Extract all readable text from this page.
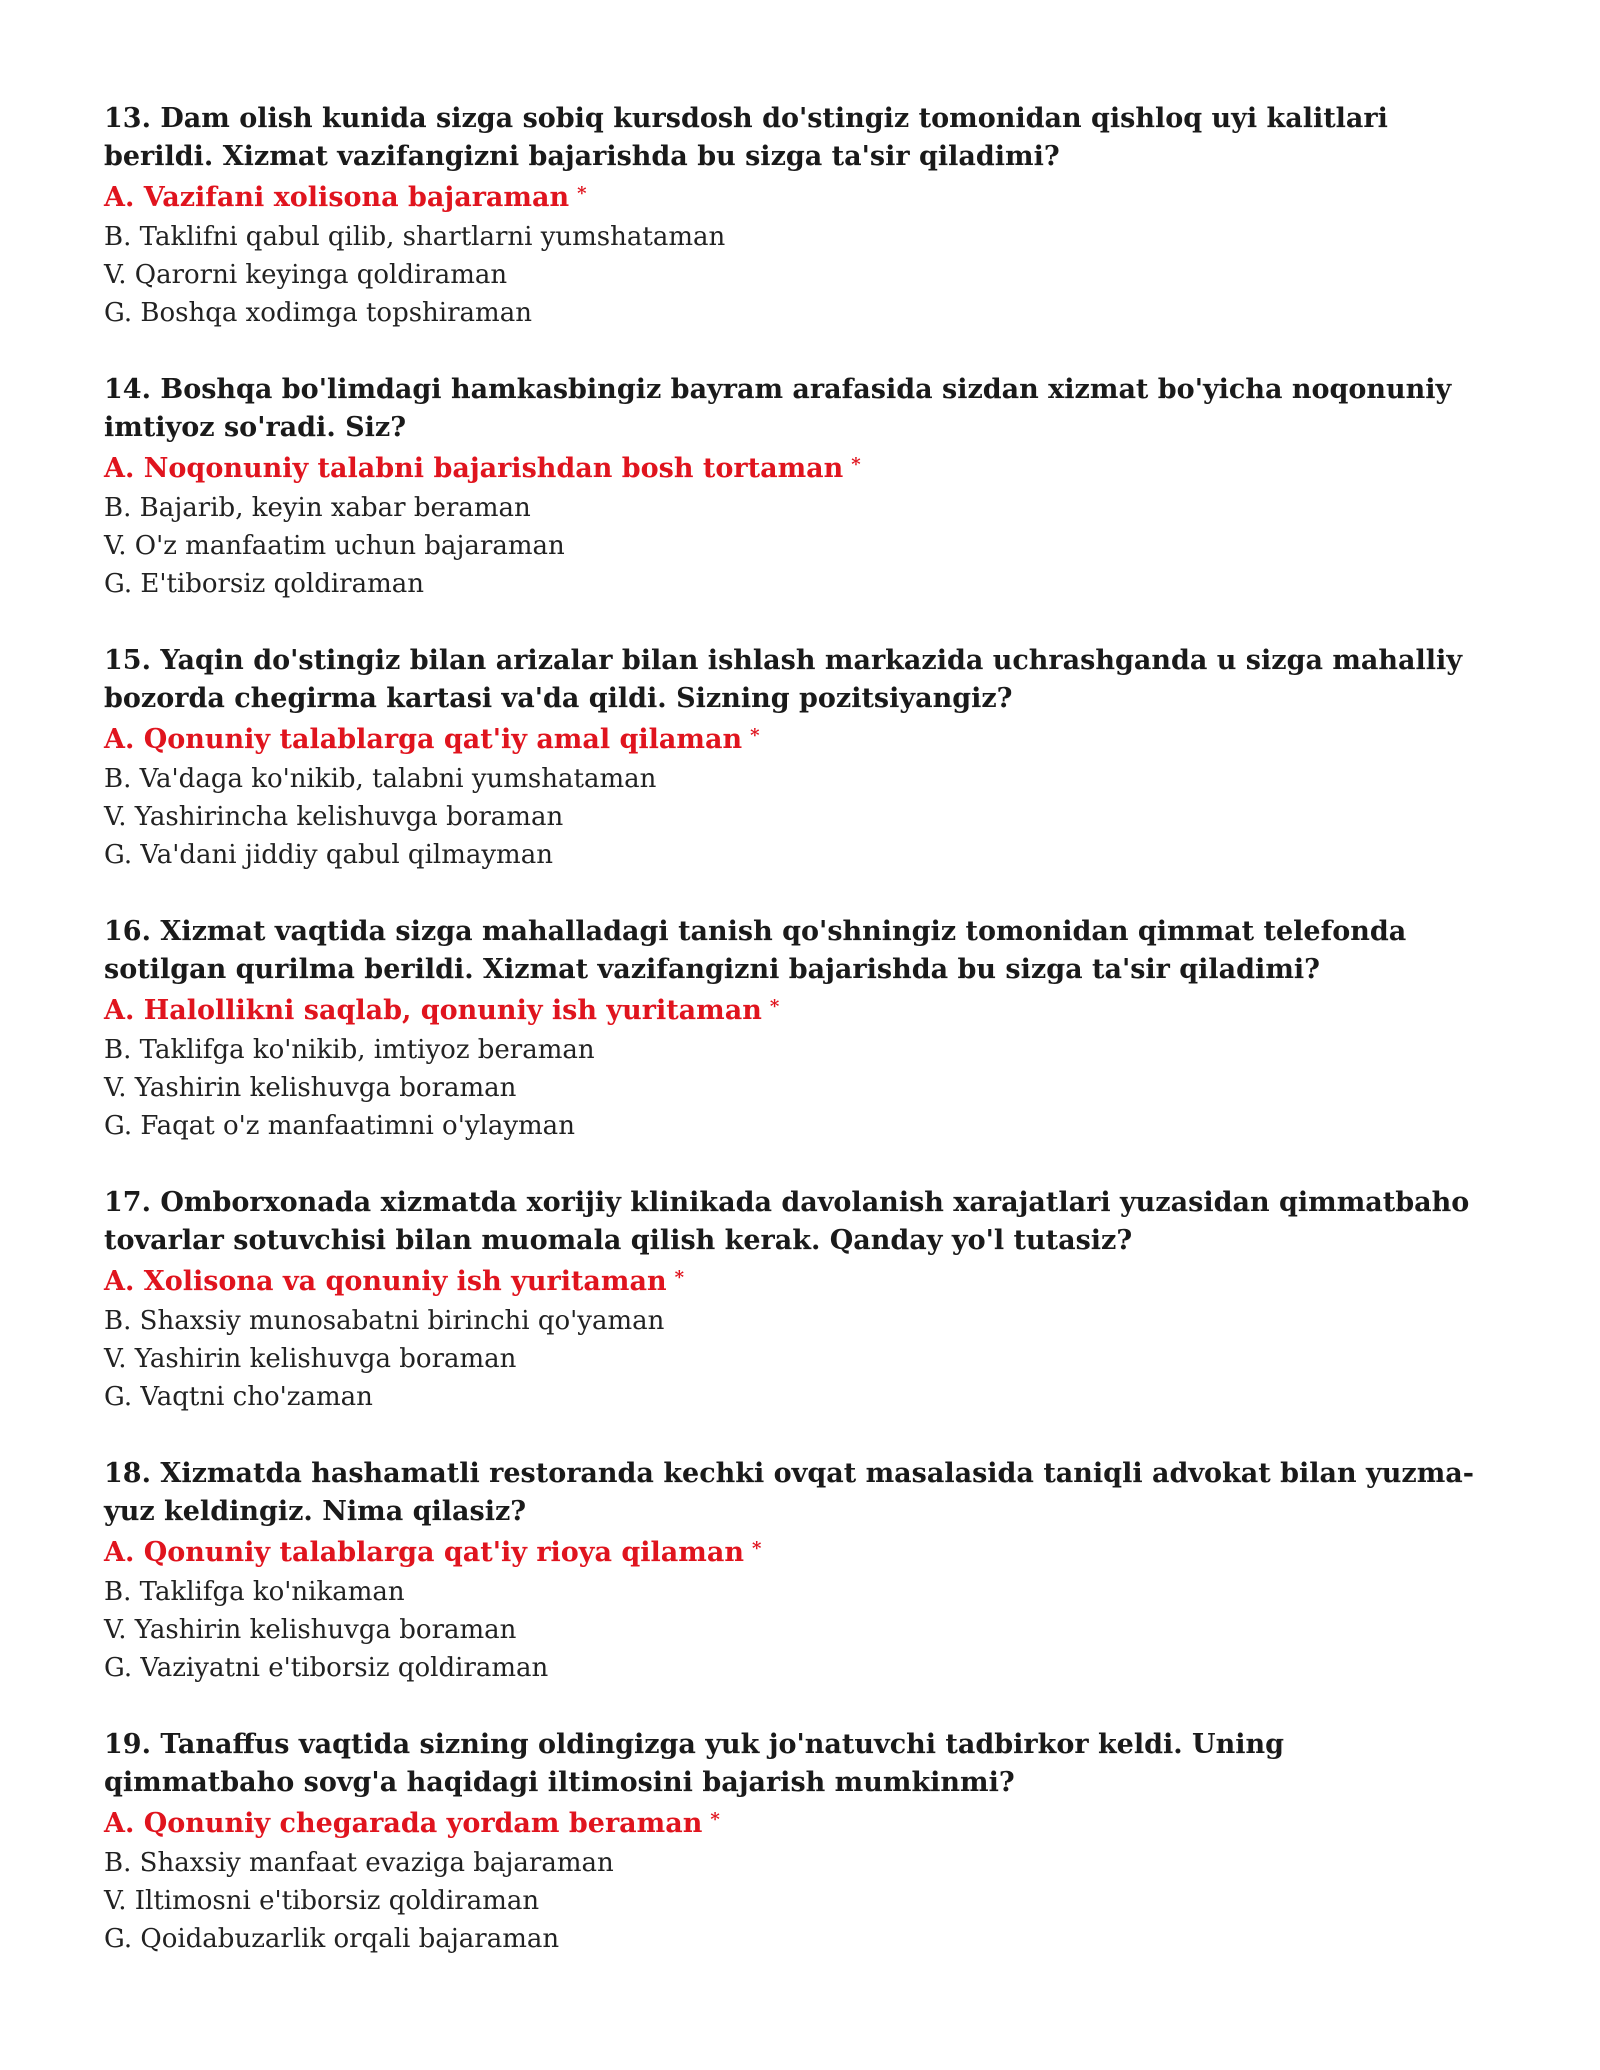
13. Dam olish kunida sizga sobiq kursdosh do'stingiz tomonidan qishloq uyi kalitlari berildi. Xizmat vazifangizni bajarishda bu sizga ta'sir qiladimi?
A. Vazifani xolisona bajaraman *
B. Taklifni qabul qilib, shartlarni yumshataman
V. Qarorni keyinga qoldiraman
G. Boshqa xodimga topshiraman
14. Boshqa bo'limdagi hamkasbingiz bayram arafasida sizdan xizmat bo'yicha noqonuniy imtiyoz so'radi. Siz?
A. Noqonuniy talabni bajarishdan bosh tortaman *
B. Bajarib, keyin xabar beraman
V. O'z manfaatim uchun bajaraman
G. E'tiborsiz qoldiraman
15. Yaqin do'stingiz bilan arizalar bilan ishlash markazida uchrashganda u sizga mahalliy bozorda chegirma kartasi va'da qildi. Sizning pozitsiyangiz?
A. Qonuniy talablarga qat'iy amal qilaman *
B. Va'daga ko'nikib, talabni yumshataman
V. Yashirincha kelishuvga boraman
G. Va'dani jiddiy qabul qilmayman
16. Xizmat vaqtida sizga mahalladagi tanish qo'shningiz tomonidan qimmat telefonda sotilgan qurilma berildi. Xizmat vazifangizni bajarishda bu sizga ta'sir qiladimi?
A. Halollikni saqlab, qonuniy ish yuritaman *
B. Taklifga ko'nikib, imtiyoz beraman
V. Yashirin kelishuvga boraman
G. Faqat o'z manfaatimni o'ylayman
17. Omborxonada xizmatda xorijiy klinikada davolanish xarajatlari yuzasidan qimmatbaho tovarlar sotuvchisi bilan muomala qilish kerak. Qanday yo'l tutasiz?
A. Xolisona va qonuniy ish yuritaman *
B. Shaxsiy munosabatni birinchi qo'yaman
V. Yashirin kelishuvga boraman
G. Vaqtni cho'zaman
18. Xizmatda hashamatli restoranda kechki ovqat masalasida taniqli advokat bilan yuzma-yuz keldingiz. Nima qilasiz?
A. Qonuniy talablarga qat'iy rioya qilaman *
B. Taklifga ko'nikaman
V. Yashirin kelishuvga boraman
G. Vaziyatni e'tiborsiz qoldiraman
19. Tanaffus vaqtida sizning oldingizga yuk jo'natuvchi tadbirkor keldi. Uning qimmatbaho sovg'a haqidagi iltimosini bajarish mumkinmi?
A. Qonuniy chegarada yordam beraman *
B. Shaxsiy manfaat evaziga bajaraman
V. Iltimosni e'tiborsiz qoldiraman
G. Qoidabuzarlik orqali bajaraman
